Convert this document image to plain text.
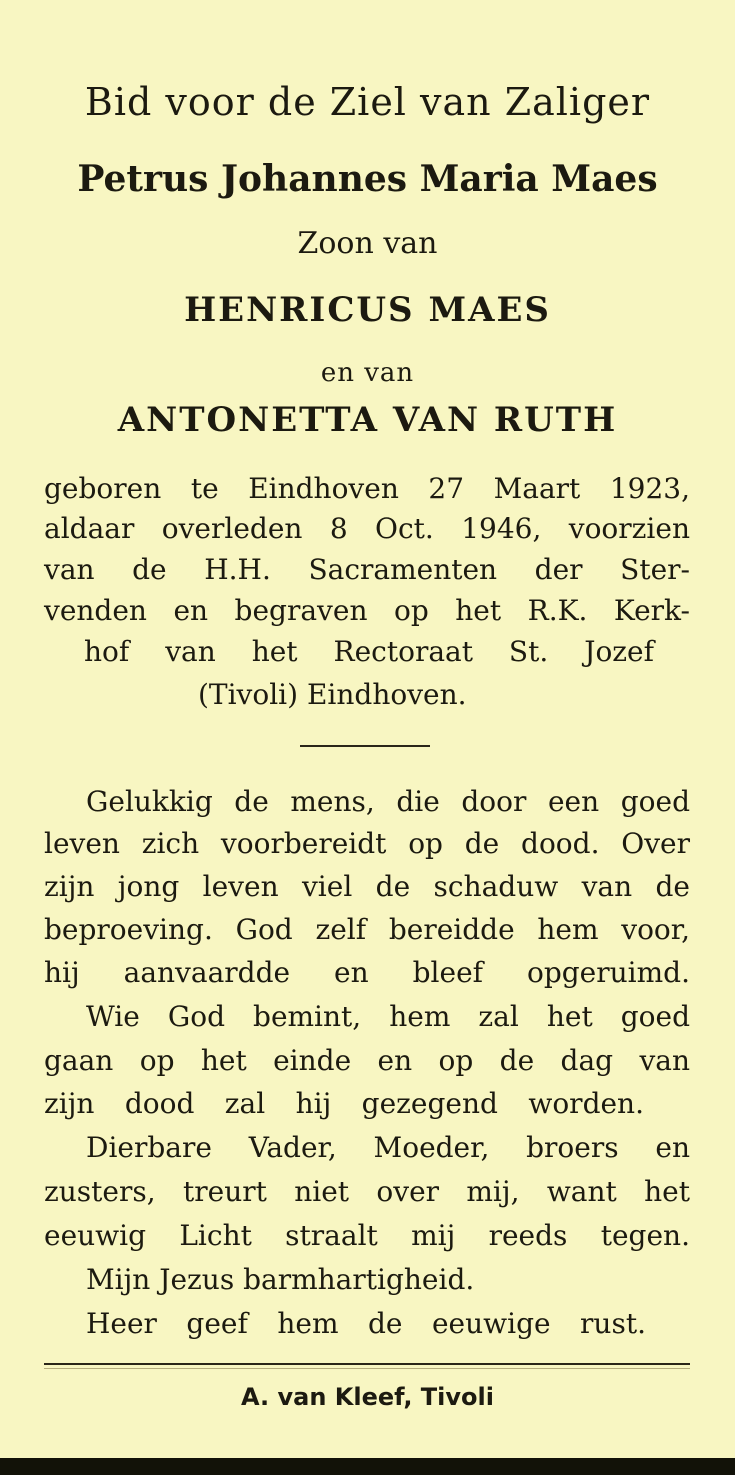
Bid voor de Ziel van Zaliger
Petrus Johannes Maria Maes
Zoon van
HENRICUS MAES
en van
ANTONETTA VAN RUTH
geboren te Eindhoven 27 Maart 1923,
aldaar overleden 8 Oct. 1946, voorzien
van de H.H. Sacramenten der Ster-
venden en begraven op het R.K. Kerk-
hof van het Rectoraat St. Jozef
(Tivoli) Eindhoven.
Gelukkig de mens, die door een goed
leven zich voorbereidt op de dood. Over
zijn jong leven viel de schaduw van de
beproeving. God zelf bereidde hem voor,
hij aanvaardde en bleef opgeruimd.
Wie God bemint, hem zal het goed
gaan op het einde en op de dag van
zijn dood zal hij gezegend worden.
Dierbare Vader, Moeder, broers en
zusters, treurt niet over mij, want het
eeuwig Licht straalt mij reeds tegen.
Mijn Jezus barmhartigheid.
Heer geef hem de eeuwige rust.
A. van Kleef, Tivoli
